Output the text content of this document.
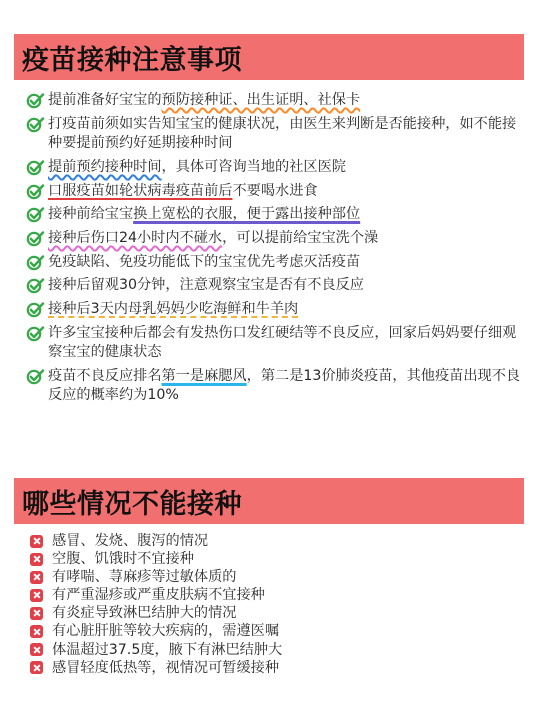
疫苗接种注意事项
提前准备好宝宝的预防接种证、出生证明、社保卡
打疫苗前须如实告知宝宝的健康状况，由医生来判断是否能接种，如不能接种要提前预约好延期接种时间
提前预约接种时间，具体可咨询当地的社区医院
口服疫苗如轮状病毒疫苗前后不要喝水进食
接种前给宝宝换上宽松的衣服，便于露出接种部位
接种后伤口24小时内不碰水，可以提前给宝宝洗个澡
免疫缺陷、免疫功能低下的宝宝优先考虑灭活疫苗
接种后留观30分钟，注意观察宝宝是否有不良反应
接种后3天内母乳妈妈少吃海鲜和牛羊肉
许多宝宝接种后都会有发热伤口发红硬结等不良反应，回家后妈妈要仔细观察宝宝的健康状态
疫苗不良反应排名第一是麻腮风，第二是13价肺炎疫苗，其他疫苗出现不良反应的概率约为10%
哪些情况不能接种
感冒、发烧、腹泻的情况
空腹、饥饿时不宜接种
有哮喘、荨麻疹等过敏体质的
有严重湿疹或严重皮肤病不宜接种
有炎症导致淋巴结肿大的情况
有心脏肝脏等较大疾病的，需遵医嘱
体温超过37.5度，腋下有淋巴结肿大
感冒轻度低热等，视情况可暂缓接种
